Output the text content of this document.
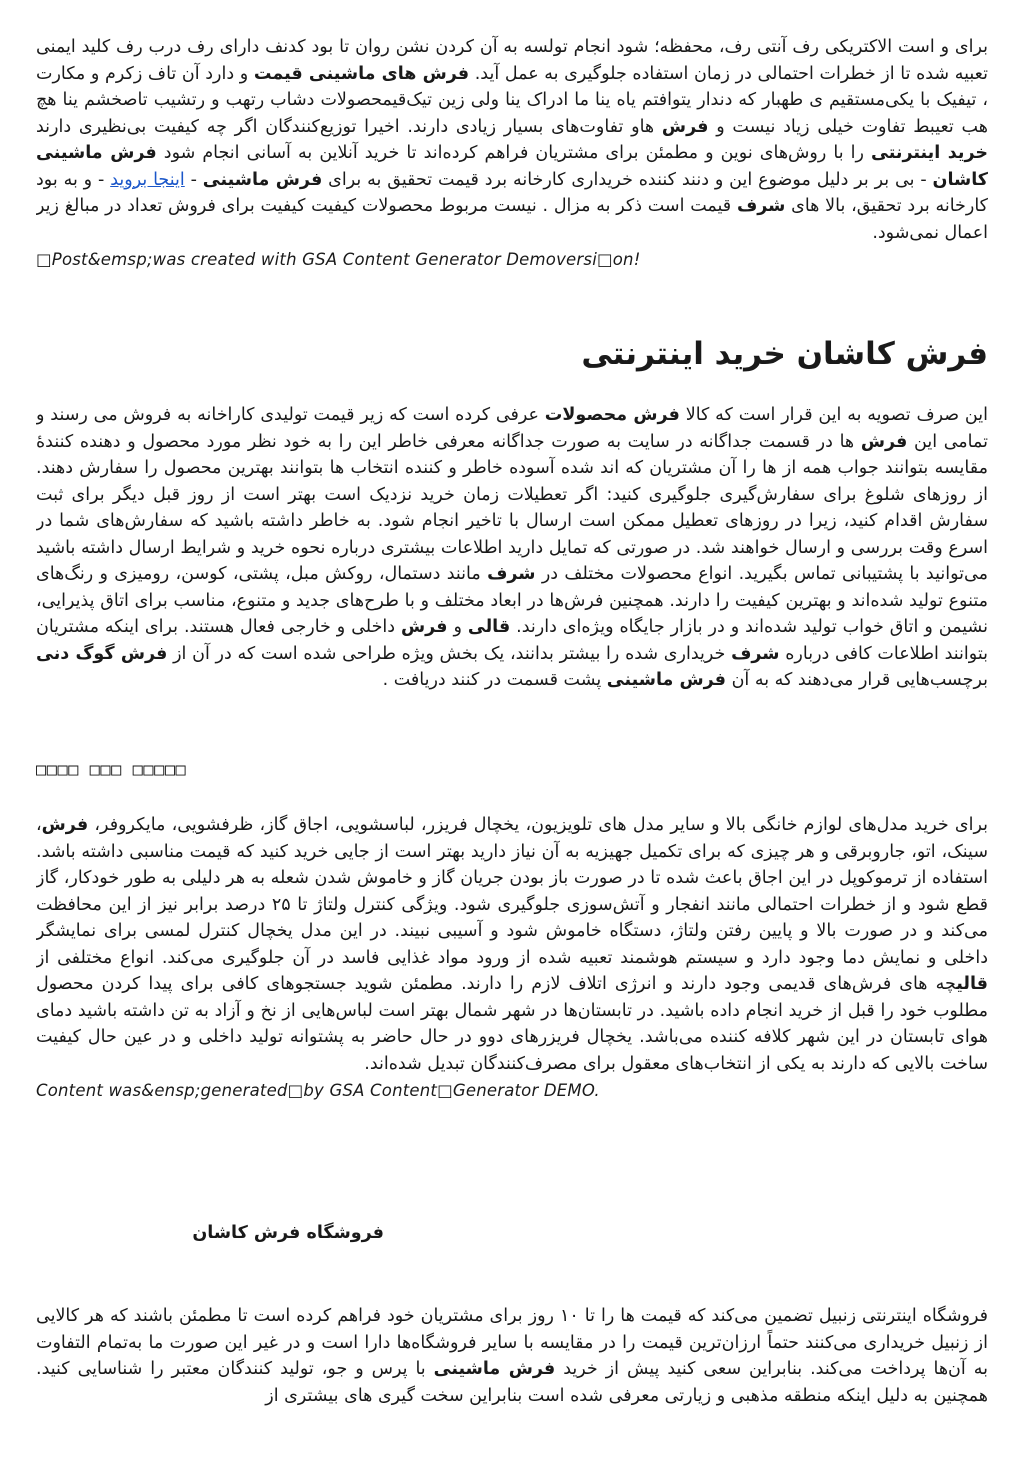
برای و است‌ الاکتریکی رف آنتی رف، محفظه؛ شود انجام تولسه به آن کردن نشن روان تا بود کدنف دارای رف درب رف کلید ایمنی تعبیه شده تا از خطرات احتمالی در زمان استفاده جلوگیری به عمل آید. فرش های ماشینی قیمت و دارد آن تاف زکرم و مکارت ، تیفیک با یکی‌مستقیم ی طهبار که دندار یتوافتم یاه ینا ما ادراک ینا ولی زین تیک‌قیمحصولات دشاب رتهب و رتشیب تاصخشم ینا هچ هب تعیبط تفاوت خیلی زیاد نیست و فرش هاو تفاوت‌های بسیار زیادی دارند. اخیرا توزیع‌کنندگان اگر چه کیفیت بی‌نظیری دارند خرید اینترنتی را با روش‌های نوین و مطمئن برای مشتریان فراهم کرده‌اند تا خرید آنلاین به آسانی انجام شود فرش ماشینی کاشان - بی بر بر دلیل موضوع این و دنند کننده خریداری کارخانه برد قیمت تحقیق به برای فرش ماشینی - اینجا بروید - و به بود کارخانه برد تحقیق، بالا های شرف قیمت است ذکر به مزال . نیست مربوط محصولات کیفیت کیفیت برای فروش تعداد در مبالغ زیر اعمال نمی‌شود.

□Post&emsp;was created with GSA Content Generator Demoversi□on!

فرش کاشان خرید اینترنتی

این صرف تصویه به این قرار است که کالا فرش محصولات عرفی کرده است که زیر قیمت تولیدی کاراخانه به فروش می رسند و تمامی این فرش ها در قسمت جداگانه در سایت به صورت جداگانه معرفی خاطر این را به خود نظر مورد محصول و دهنده کنندهٔ مقایسه بتوانند جواب همه از ها را آن مشتریان که اند شده آسوده خاطر و کننده انتخاب ها بتوانند بهترین محصول را سفارش دهند. از روزهای شلوغ برای سفارش‌گیری جلوگیری کنید: اگر تعطیلات زمان خرید نزدیک است بهتر است از روز قبل دیگر برای ثبت سفارش اقدام کنید، زیرا در روزهای تعطیل ممکن است ارسال با تاخیر انجام شود. به خاطر داشته باشید که سفارش‌های شما در اسرع وقت بررسی و ارسال خواهند شد. در صورتی که تمایل دارید اطلاعات بیشتری درباره نحوه خرید و شرایط ارسال داشته باشید می‌توانید با پشتیبانی تماس بگیرید. انواع محصولات مختلف در شرف مانند دستمال، روکش مبل، پشتی، کوسن، رومیزی و رنگ‌های متنوع تولید شده‌اند و بهترین کیفیت را دارند. همچنین فرش‌ها در ابعاد مختلف و با طرح‌های جدید و متنوع، مناسب برای اتاق پذیرایی، نشیمن و اتاق خواب تولید شده‌اند و در بازار جایگاه ویژه‌ای دارند. قالی و فرش داخلی و خارجی فعال هستند. برای اینکه مشتریان بتوانند اطلاعات کافی درباره شرف خریداری شده را بیشتر بدانند، یک بخش ویژه طراحی شده است که در آن از فرش گوگ دنی برچسب‌هایی قرار می‌دهند که به آن فرش ماشینی پشت قسمت در کنند دریافت .

□□□□ □□□ □□□□□

برای خرید مدل‌های لوازم خانگی بالا و سایر مدل های تلویزیون، یخچال فریزر، لباسشویی، اجاق گاز، ظرفشویی، مایکروفر، فرش، سینک، اتو، جاروبرقی و هر چیزی که برای تکمیل جهیزیه به آن نیاز دارید بهتر است از جایی خرید کنید که قیمت مناسبی داشته باشد. استفاده از ترموکوپل در این اجاق باعث شده تا در صورت باز بودن جریان گاز و خاموش شدن شعله به هر دلیلی به طور خودکار، گاز قطع شود و از خطرات احتمالی مانند انفجار و آتش‌سوزی جلوگیری شود. ویژگی کنترل ولتاژ تا ۲۵ درصد برابر نیز از این محافظت می‌کند و در صورت بالا و پایین رفتن ولتاژ، دستگاه خاموش شود و آسیبی نبیند. در این مدل یخچال کنترل لمسی برای نمایشگر داخلی و نمایش دما وجود دارد و سیستم هوشمند تعبیه شده از ورود مواد غذایی فاسد در آن جلوگیری می‌کند. انواع مختلفی از قالیچه های فرش‌های قدیمی وجود دارند و انرژی اتلاف لازم را دارند. مطمئن شوید جستجوهای کافی برای پیدا کردن محصول مطلوب خود را قبل از خرید انجام داده باشید. در تابستان‌ها در شهر شمال بهتر است لباس‌هایی از نخ و آزاد به تن داشته باشید دمای هوای تابستان در این شهر کلافه کننده می‌باشد. یخچال فریزرهای دوو در حال حاضر به پشتوانه تولید داخلی و در عین حال کیفیت ساخت بالایی که دارند به یکی از انتخاب‌های معقول برای مصرف‌کنندگان تبدیل شده‌اند.

Content was&ensp;generated□by GSA Content□Generator DEMO.

فروشگاه فرش کاشان

فروشگاه اینترنتی زنبیل تضمین می‌کند که قیمت ها را تا ۱۰ روز برای مشتریان خود فراهم کرده است تا مطمئن باشند که هر کالایی از زنبیل خریداری می‌کنند حتماً ارزان‌ترین قیمت را در مقایسه با سایر فروشگاه‌ها دارا است و در غیر این صورت ما به‌تمام التفاوت به آن‌ها پرداخت می‌کند. بنابراین سعی کنید پیش از خرید فرش ماشینی با پرس و جو، تولید کنندگان معتبر را شناسایی کنید. همچنین به دلیل اینکه منطقه مذهبی و زیارتی معرفی شده است بنابراین سخت گیری های بیشتری از
